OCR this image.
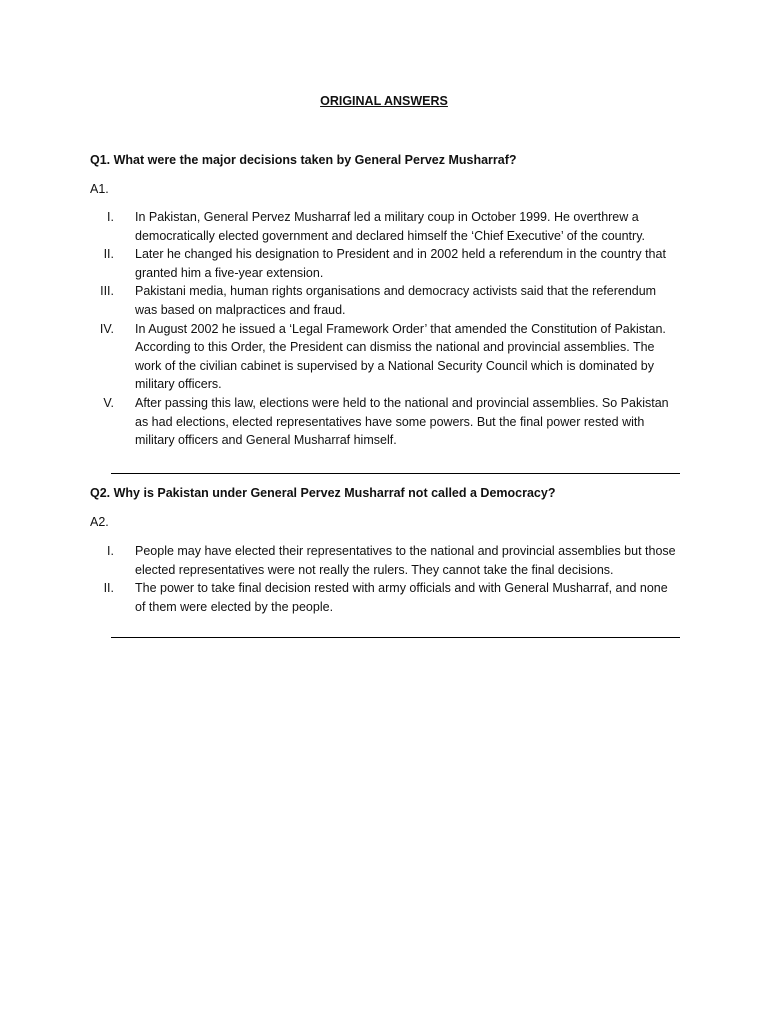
ORIGINAL ANSWERS
Q1. What were the major decisions taken by General Pervez Musharraf?
A1.
I. In Pakistan, General Pervez Musharraf led a military coup in October 1999. He overthrew a democratically elected government and declared himself the ‘Chief Executive’ of the country.
II. Later he changed his designation to President and in 2002 held a referendum in the country that granted him a five-year extension.
III. Pakistani media, human rights organisations and democracy activists said that the referendum was based on malpractices and fraud.
IV. In August 2002 he issued a ‘Legal Framework Order’ that amended the Constitution of Pakistan. According to this Order, the President can dismiss the national and provincial assemblies. The work of the civilian cabinet is supervised by a National Security Council which is dominated by military officers.
V. After passing this law, elections were held to the national and provincial assemblies. So Pakistan as had elections, elected representatives have some powers. But the final power rested with military officers and General Musharraf himself.
Q2. Why is Pakistan under General Pervez Musharraf not called a Democracy?
A2.
I. People may have elected their representatives to the national and provincial assemblies but those elected representatives were not really the rulers. They cannot take the final decisions.
II. The power to take final decision rested with army officials and with General Musharraf, and none of them were elected by the people.
